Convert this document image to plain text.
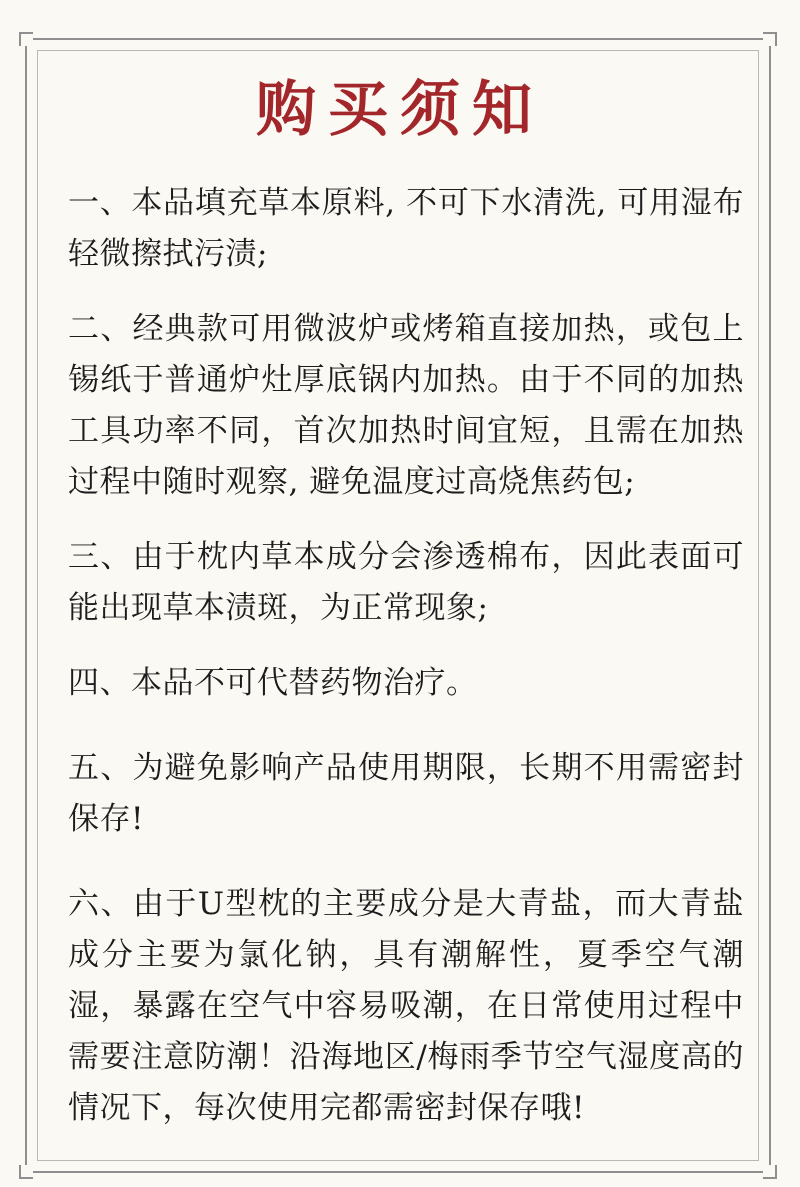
购买须知

一、本品填充草本原料, 不可下水清洗, 可用湿布轻微擦拭污渍;

二、经典款可用微波炉或烤箱直接加热，或包上锡纸于普通炉灶厚底锅内加热。由于不同的加热工具功率不同，首次加热时间宜短，且需在加热过程中随时观察, 避免温度过高烧焦药包;

三、由于枕内草本成分会渗透棉布，因此表面可能出现草本渍斑，为正常现象;

四、本品不可代替药物治疗。

五、为避免影响产品使用期限，长期不用需密封保存!

六、由于U型枕的主要成分是大青盐，而大青盐成分主要为氯化钠，具有潮解性，夏季空气潮湿，暴露在空气中容易吸潮，在日常使用过程中需要注意防潮！沿海地区/梅雨季节空气湿度高的情况下，每次使用完都需密封保存哦!
